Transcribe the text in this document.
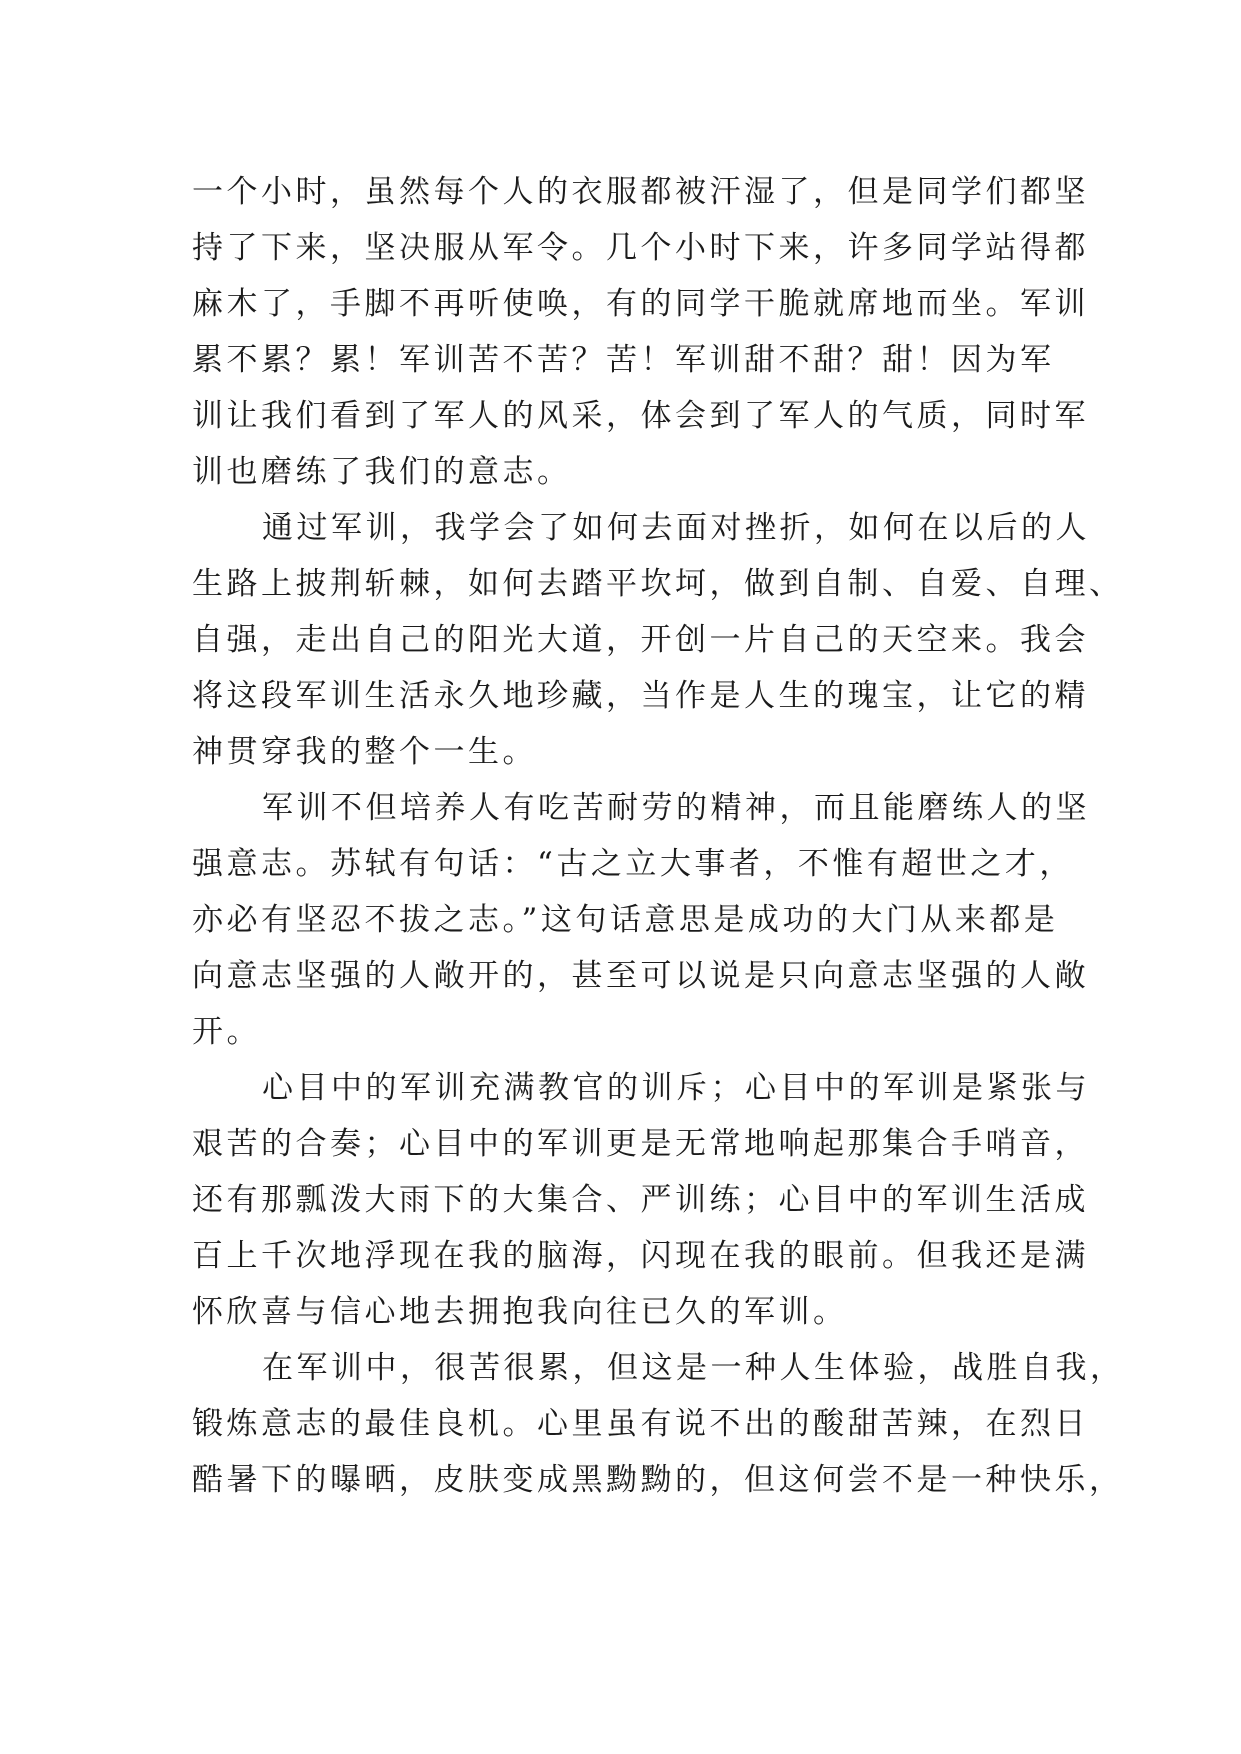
一个小时，虽然每个人的衣服都被汗湿了，但是同学们都坚
持了下来，坚决服从军令。几个小时下来，许多同学站得都
麻木了，手脚不再听使唤，有的同学干脆就席地而坐。军训
累不累？累！军训苦不苦？苦！军训甜不甜？甜！因为军
训让我们看到了军人的风采，体会到了军人的气质，同时军
训也磨练了我们的意志。
通过军训，我学会了如何去面对挫折，如何在以后的人
生路上披荆斩棘，如何去踏平坎坷，做到自制、自爱、自理、
自强，走出自己的阳光大道，开创一片自己的天空来。我会
将这段军训生活永久地珍藏，当作是人生的瑰宝，让它的精
神贯穿我的整个一生。
军训不但培养人有吃苦耐劳的精神，而且能磨练人的坚
强意志。苏轼有句话：“古之立大事者，不惟有超世之才，
亦必有坚忍不拔之志。”这句话意思是成功的大门从来都是
向意志坚强的人敞开的，甚至可以说是只向意志坚强的人敞
开。
心目中的军训充满教官的训斥；心目中的军训是紧张与
艰苦的合奏；心目中的军训更是无常地响起那集合手哨音，
还有那瓢泼大雨下的大集合、严训练；心目中的军训生活成
百上千次地浮现在我的脑海，闪现在我的眼前。但我还是满
怀欣喜与信心地去拥抱我向往已久的军训。
在军训中，很苦很累，但这是一种人生体验，战胜自我，
锻炼意志的最佳良机。心里虽有说不出的酸甜苦辣，在烈日
酷暑下的曝晒，皮肤变成黑黝黝的，但这何尝不是一种快乐，
